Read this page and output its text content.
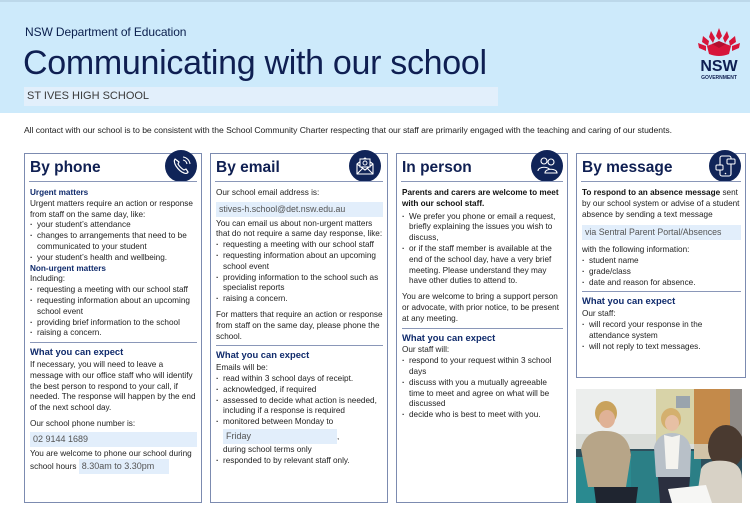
NSW Department of Education
Communicating with our school
ST IVES HIGH SCHOOL
NSW
GOVERNMENT
All contact with our school is to be consistent with the School Community Charter respecting that our staff are primarily engaged with the teaching and caring of our students.
By phone
Urgent matters
Urgent matters require an action or response from staff on the same day, like:
· your student’s attendance
· changes to arrangements that need to be communicated to your student
· your student’s health and wellbeing.
Non-urgent matters
Including:
· requesting a meeting with our school staff
· requesting information about an upcoming school event
· providing brief information to the school
· raising a concern.
What you can expect
If necessary, you will need to leave a message with our office staff who will identify the best person to respond to your call, if needed. The response will happen by the end of the next school day.
Our school phone number is:
02 9144 1689
You are welcome to phone our school during
school hours 8.30am to 3.30pm
By email
Our school email address is:
stives-h.school@det.nsw.edu.au
You can email us about non-urgent matters that do not require a same day response, like:
· requesting a meeting with our school staff
· requesting information about an upcoming school event
· providing information to the school such as specialist reports
· raising a concern.
For matters that require an action or response from staff on the same day, please phone the school.
What you can expect
Emails will be:
· read within 3 school days of receipt.
· acknowledged, if required
· assessed to decide what action is needed, including if a response is required
· monitored between Monday to
Friday	,
during school terms only
· responded to by relevant staff only.
In person
Parents and carers are welcome to meet with our school staff.
· We prefer you phone or email a request, briefly explaining the issues you wish to discuss,
· or if the staff member is available at the end of the school day, have a very brief meeting. Please understand they may have other duties to attend to.
You are welcome to bring a support person or advocate, with prior notice, to be present at any meeting.
What you can expect
Our staff will:
· respond to your request within 3 school days
· discuss with you a mutually agreeable time to meet and agree on what will be discussed
· decide who is best to meet with you.
By message
To respond to an absence message sent by our school system or advise of a student absence by sending a text message
via Sentral Parent Portal/Absences
with the following information:
· student name
· grade/class
· date and reason for absence.
What you can expect
Our staff:
· will record your response in the attendance system
· will not reply to text messages.
